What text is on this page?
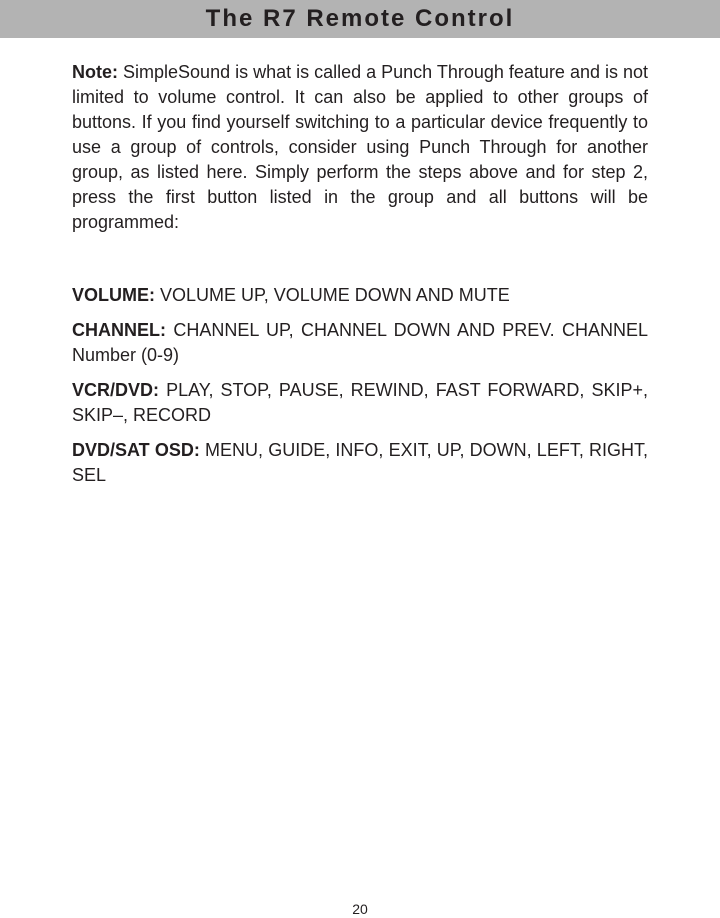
The R7 Remote Control

Note: SimpleSound is what is called a Punch Through feature and is not limited to volume control. It can also be applied to other groups of buttons. If you find yourself switching to a particular device frequently to use a group of controls, consider using Punch Through for another group, as listed here. Simply perform the steps above and for step 2, press the first button listed in the group and all buttons will be programmed:

VOLUME: VOLUME UP, VOLUME DOWN AND MUTE

CHANNEL: CHANNEL UP, CHANNEL DOWN AND PREV. CHANNEL Number (0-9)

VCR/DVD: PLAY, STOP, PAUSE, REWIND, FAST FORWARD, SKIP+, SKIP–, RECORD

DVD/SAT OSD: MENU, GUIDE, INFO, EXIT, UP, DOWN, LEFT, RIGHT, SEL

20
